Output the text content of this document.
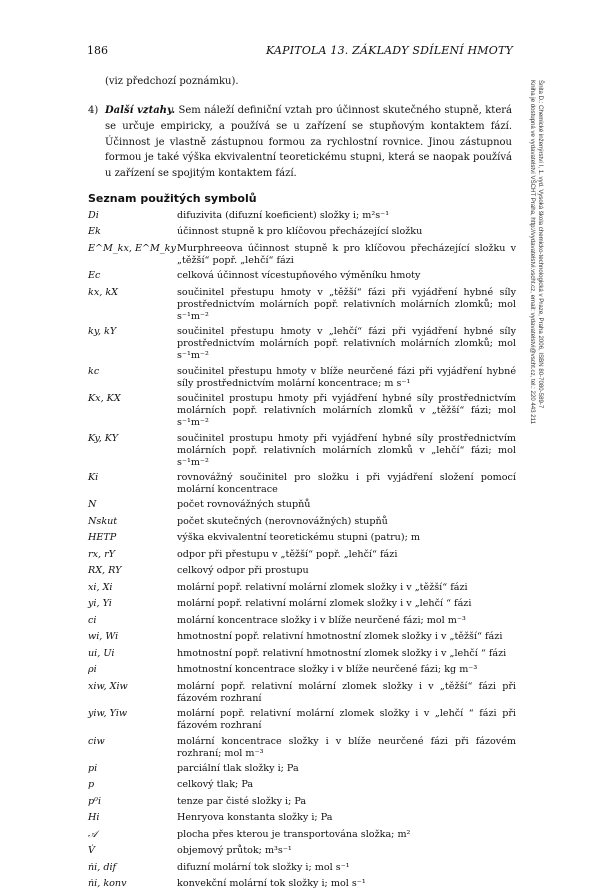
186	KAPITOLA 13. ZÁKLADY SDÍLENÍ HMOTY
Šnita D.: Chemické inženýrství I, 1. vyd. Vysoká škola chemicko-technologická v Praze, Praha 2006, ISBN 80-7080-589-7
Kniha je dostupná ve vydavatelství VŠCHT Praha, http://vydavatelstvi.vscht.cz, email: vydavatelstvi@vscht.cz, tel.: 220 443 211
(viz předchozí poznámku).
4) Další vztahy. Sem náleží definiční vztah pro účinnost skutečného stupně, která se určuje empiricky, a používá se u zařízení se stupňovým kontaktem fází. Účinnost je vlastně zástupnou formou za rychlostní rovnice. Jinou zástupnou formou je také výška ekvivalentní teoretickému stupni, která se naopak používá u zařízení se spojitým kontaktem fází.
Seznam použitých symbolů
Di	difuzivita (difuzní koeficient) složky i; m²s⁻¹
Ek	účinnost stupně k pro klíčovou přecházející složku
E^M_kx, E^M_ky Murphreeova účinnost stupně k pro klíčovou přecházející složku v „těžší“ popř. „lehčí“ fázi
Ec	celková účinnost vícestupňového výměníku hmoty
kx, kX	součinitel přestupu hmoty v „těžší“ fázi při vyjádření hybné síly prostřednictvím molárních popř. relativních molárních zlomků; mol s⁻¹m⁻²
ky, kY	součinitel přestupu hmoty v „lehčí“ fázi při vyjádření hybné síly prostřednictvím molárních popř. relativních molárních zlomků; mol s⁻¹m⁻²
kc	součinitel přestupu hmoty v blíže neurčené fázi při vyjádření hybné síly prostřednictvím molární koncentrace; m s⁻¹
Kx, KX	součinitel prostupu hmoty při vyjádření hybné síly prostřednictvím molárních popř. relativních molárních zlomků v „těžší“ fázi; mol s⁻¹m⁻²
Ky, KY	součinitel prostupu hmoty při vyjádření hybné síly prostřednictvím molárních popř. relativních molárních zlomků v „lehčí“ fázi; mol s⁻¹m⁻²
Ki	rovnovážný součinitel pro složku i při vyjádření složení pomocí molární koncentrace
N	počet rovnovážných stupňů
Nskut	počet skutečných (nerovnovážných) stupňů
HETP	výška ekvivalentní teoretickému stupni (patru); m
rx, rY	odpor při přestupu v „těžší“ popř. „lehčí“ fázi
RX, RY	celkový odpor při prostupu
xi, Xi	molární popř. relativní molární zlomek složky i v „těžší“ fázi
yi, Yi	molární popř. relativní molární zlomek složky i v „lehčí “ fázi
ci	molární koncentrace složky i v blíže neurčené fázi; mol m⁻³
wi, Wi	hmotnostní popř. relativní hmotnostní zlomek složky i v „těžší“ fázi
ui, Ui	hmotnostní popř. relativní hmotnostní zlomek složky i v „lehčí “ fázi
ρi	hmotnostní koncentrace složky i v blíže neurčené fázi; kg m⁻³
xiw, Xiw	molární popř. relativní molární zlomek složky i v „těžší“ fázi při fázovém rozhraní
yiw, Yiw	molární popř. relativní molární zlomek složky i v „lehčí “ fázi při fázovém rozhraní
ciw	molární koncentrace složky i v blíže neurčené fázi při fázovém rozhraní; mol m⁻³
pi	parciální tlak složky i; Pa
p	celkový tlak; Pa
p⁰i	tenze par čisté složky i; Pa
Hi	Henryova konstanta složky i; Pa
𝒜	plocha přes kterou je transportována složka; m²
V̇	objemový průtok; m³s⁻¹
ṅi, dif	difuzní molární tok složky i; mol s⁻¹
ṅi, konv	konvekční molární tok složky i; mol s⁻¹
